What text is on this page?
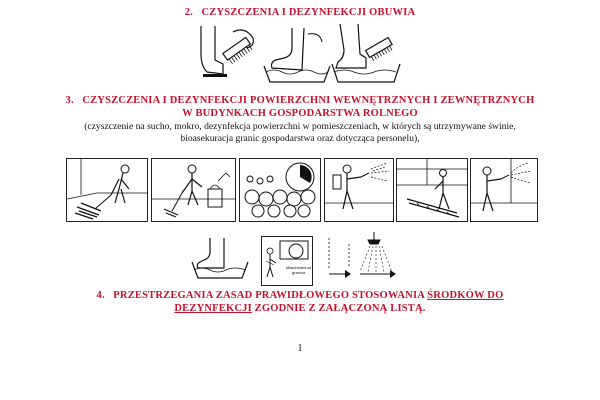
2. CZYSZCZENIA I DEZYNFEKCJI OBUWIA

3. CZYSZCZENIA I DEZYNFEKCJI POWIERZCHNI WEWNĘTRZNYCH I ZEWNĘTRZNYCH

W BUDYNKACH GOSPODARSTWA ROLNEGO

(czyszczenie na sucho, mokro, dezynfekcja powierzchni w pomieszczeniach, w których są utrzymywane świnie,

bioasekuracja granic gospodarstwa oraz dotycząca personelu),

Maschinenhof
granica

4. PRZESTRZEGANIA ZASAD PRAWIDŁOWEGO STOSOWANIA ŚRODKÓW DO

DEZYNFEKCJI ZGODNIE Z ZAŁĄCZONĄ LISTĄ.

1
